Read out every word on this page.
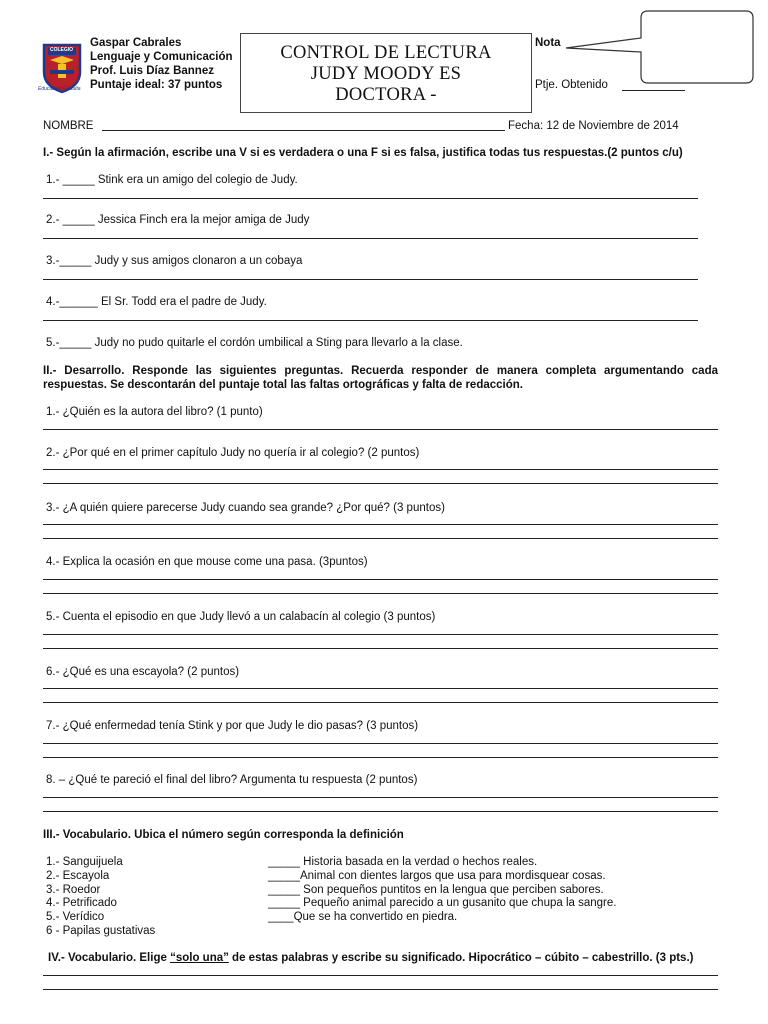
COLEGIO
Educación Gratuita
Gaspar Cabrales
Lenguaje y Comunicación
Prof. Luis Díaz Bannez
Puntaje ideal: 37 puntos
CONTROL DE LECTURA
JUDY MOODY ES
DOCTORA -
Nota
Ptje. Obtenido
NOMBRE	Fecha: 12 de Noviembre de 2014
I.- Según la afirmación, escribe una V si es verdadera o una F si es falsa, justifica todas tus respuestas.(2 puntos c/u)
1.- _____ Stink era un amigo del colegio de Judy.
2.- _____ Jessica Finch era la mejor amiga de Judy
3.-_____ Judy y sus amigos clonaron a un cobaya
4.-______ El Sr. Todd era el padre de Judy.
5.-_____ Judy no pudo quitarle el cordón umbilical a Sting para llevarlo a la clase.
II.- Desarrollo. Responde las siguientes preguntas. Recuerda responder de manera completa argumentando cada respuestas. Se descontarán del puntaje total las faltas ortográficas y falta de redacción.
1.- ¿Quién es la autora del libro? (1 punto)
2.- ¿Por qué en el primer capítulo Judy no quería ir al colegio? (2 puntos)
3.- ¿A quién quiere parecerse Judy cuando sea grande? ¿Por qué? (3 puntos)
4.- Explica la ocasión en que mouse come una pasa. (3puntos)
5.- Cuenta el episodio en que Judy llevó a un calabacín al colegio (3 puntos)
6.- ¿Qué es una escayola? (2 puntos)
7.- ¿Qué enfermedad tenía Stink y por que Judy le dio pasas? (3 puntos)
8. – ¿Qué te pareció el final del libro? Argumenta tu respuesta (2 puntos)
III.- Vocabulario. Ubica el número según corresponda la definición
1.- Sanguijuela
2.- Escayola
3.- Roedor
4.- Petrificado
5.- Verídico
6 - Papilas gustativas
_____ Historia basada en la verdad o hechos reales.
_____Animal con dientes largos que usa para mordisquear cosas.
_____ Son pequeños puntitos en la lengua que perciben sabores.
_____ Pequeño animal parecido a un gusanito que chupa la sangre.
____Que se ha convertido en piedra.
IV.- Vocabulario. Elige “solo una” de estas palabras y escribe su significado. Hipocrático – cúbito – cabestrillo. (3 pts.)
